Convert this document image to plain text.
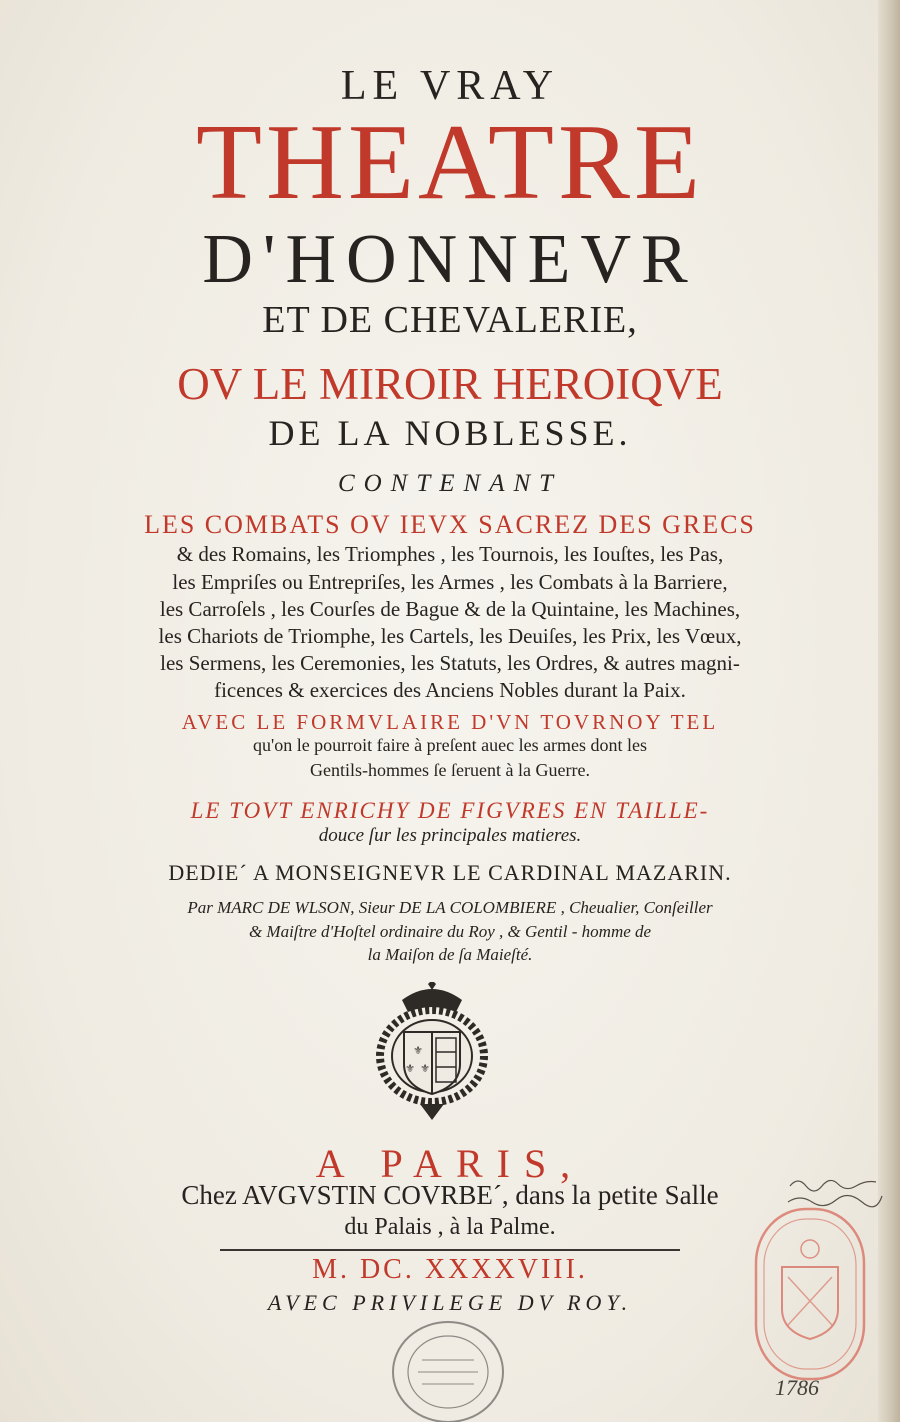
LE VRAY
THEATRE
D'HONNEVR
ET DE CHEVALERIE,
OV LE MIROIR HEROIQVE
DE LA NOBLESSE.
CONTENANT
LES COMBATS OV IEVX SACREZ DES GRECS
& des Romains, les Triomphes , les Tournois, les Iouſtes, les Pas,
les Empriſes ou Entrepriſes, les Armes , les Combats à la Barriere,
les Carroſels , les Courſes de Bague & de la Quintaine, les Machines,
les Chariots de Triomphe, les Cartels, les Deuiſes, les Prix, les Vœux,
les Sermens, les Ceremonies, les Statuts, les Ordres, & autres magni-
ficences & exercices des Anciens Nobles durant la Paix.
AVEC LE FORMVLAIRE D'VN TOVRNOY TEL
qu'on le pourroit faire à preſent auec les armes dont les
Gentils-hommes ſe ſeruent à la Guerre.
LE TOVT ENRICHY DE FIGVRES EN TAILLE-
douce ſur les principales matieres.
DEDIE´ A MONSEIGNEVR LE CARDINAL MAZARIN.
Par MARC DE WLSON, Sieur DE LA COLOMBIERE , Cheualier, Conſeiller
& Maiſtre d'Hoſtel ordinaire du Roy , & Gentil - homme de
la Maiſon de ſa Maieſté.
⚜
⚜ ⚜
A PARIS,
Chez AVGVSTIN COVRBE´, dans la petite Salle
du Palais , à la Palme.
M. DC. XXXXVIII.
AVEC PRIVILEGE DV ROY.
1786
